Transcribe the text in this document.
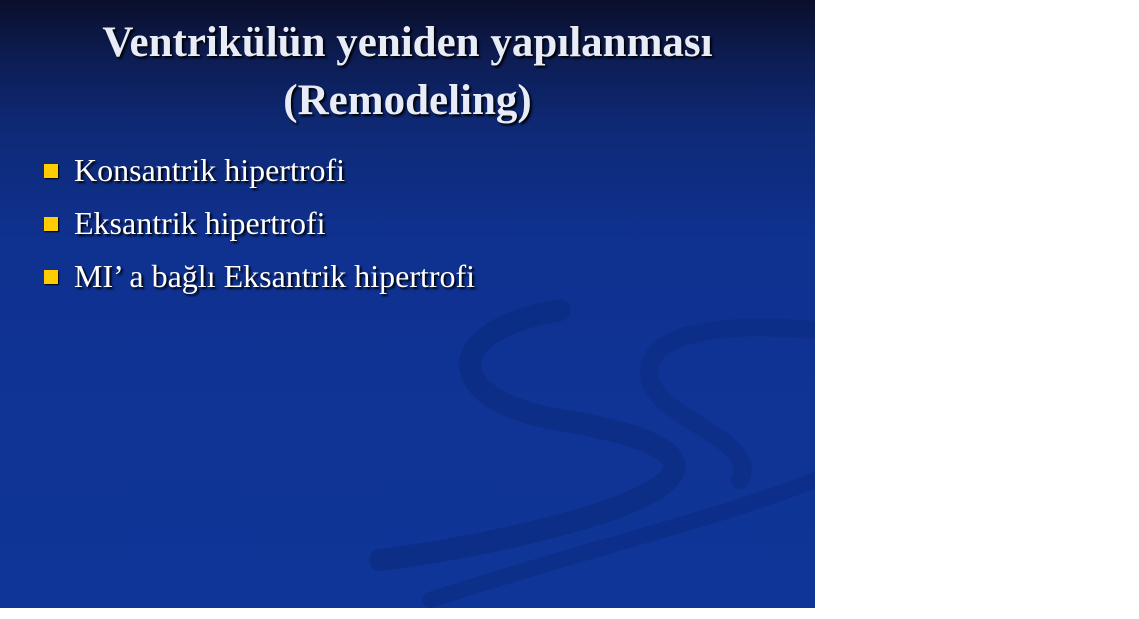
Ventrikülün yeniden yapılanması
(Remodeling)
Konsantrik hipertrofi
Eksantrik hipertrofi
MI’ a bağlı Eksantrik hipertrofi
